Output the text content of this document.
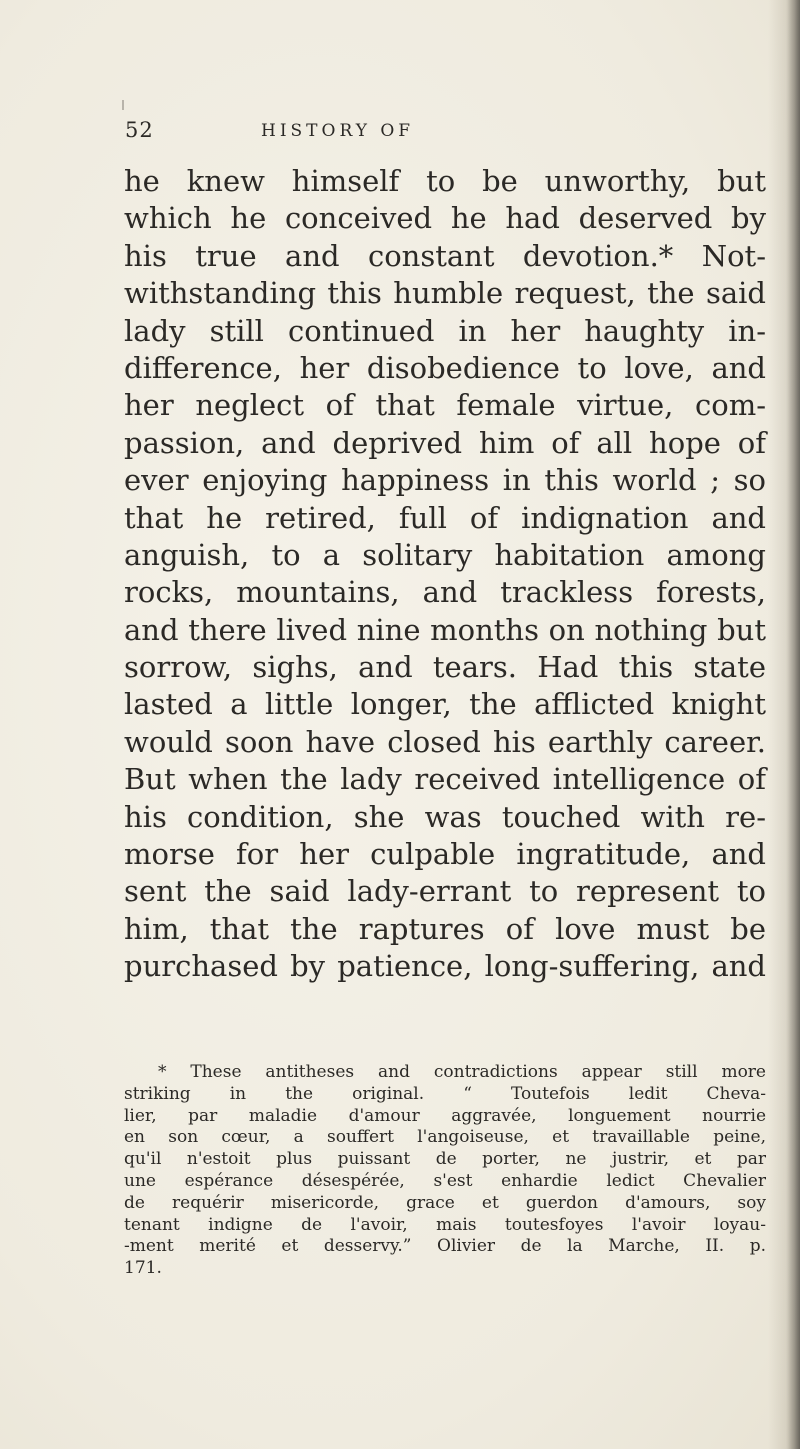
52	HISTORY OF
he knew himself to be unworthy, but
which he conceived he had deserved by
his true and constant devotion.* Not-
withstanding this humble request, the said
lady still continued in her haughty in-
difference, her disobedience to love, and
her neglect of that female virtue, com-
passion, and deprived him of all hope of
ever enjoying happiness in this world ; so
that he retired, full of indignation and
anguish, to a solitary habitation among
rocks, mountains, and trackless forests,
and there lived nine months on nothing but
sorrow, sighs, and tears. Had this state
lasted a little longer, the afflicted knight
would soon have closed his earthly career.
But when the lady received intelligence of
his condition, she was touched with re-
morse for her culpable ingratitude, and
sent the said lady-errant to represent to
him, that the raptures of love must be
purchased by patience, long-suffering, and
* These antitheses and contradictions appear still more
striking in the original. “ Toutefois ledit Cheva-
lier, par maladie d'amour aggravée, longuement nourrie
en son cœur, a souffert l'angoiseuse, et travaillable peine,
qu'il n'estoit plus puissant de porter, ne justrir, et par
une espérance désespérée, s'est enhardie ledict Chevalier
de requérir misericorde, grace et guerdon d'amours, soy
tenant indigne de l'avoir, mais toutesfoyes l'avoir loyau-
-ment merité et desservy.” Olivier de la Marche, II. p.
171.
